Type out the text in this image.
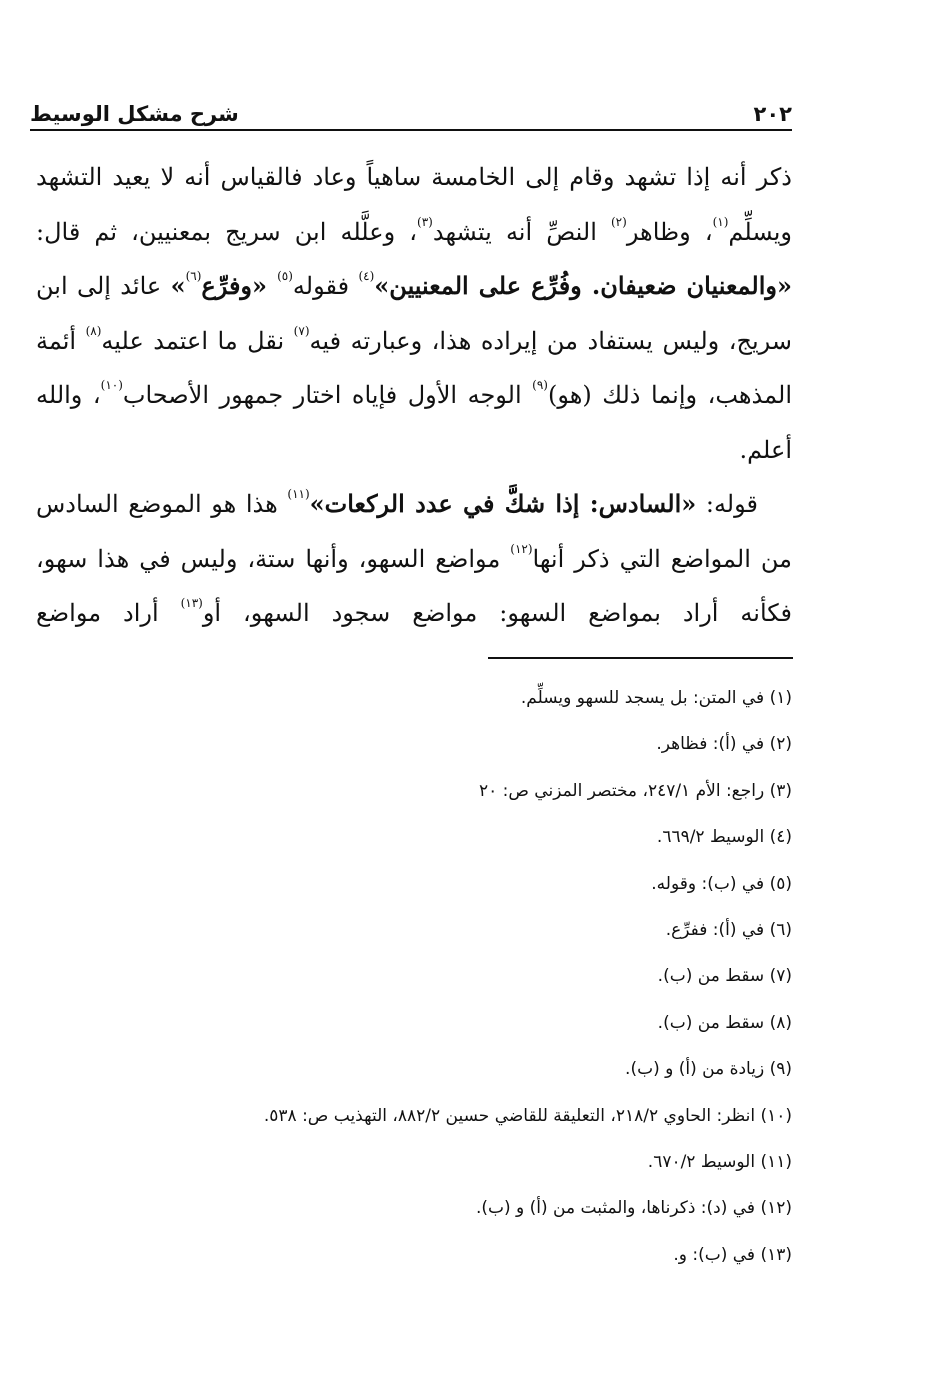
٢٠٢
شرح مشكل الوسيط

ذكر أنه إذا تشهد وقام إلى الخامسة ساهياً وعاد فالقياس أنه لا يعيد التشهد ويسلِّم$^{(١)}$، وظاهر$^{(٢)}$ النصِّ أنه يتشهد$^{(٣)}$، وعلَّله ابن سريج بمعنيين، ثم قال: «والمعنيان ضعيفان. وفُرِّع على المعنيين»$^{(٤)}$ فقوله$^{(٥)}$ «وفرِّع$^{(٦)}$» عائد إلى ابن سريج، وليس يستفاد من إيراده هذا، وعبارته فيه$^{(٧)}$ نقل ما اعتمد عليه$^{(٨)}$ أئمة المذهب، وإنما ذلك (هو)$^{(٩)}$ الوجه الأول فإياه اختار جمهور الأصحاب$^{(١٠)}$، والله أعلم.

قوله: «السادس: إذا شكَّ في عدد الركعات»$^{(١١)}$ هذا هو الموضع السادس من المواضع التي ذكر أنها$^{(١٢)}$ مواضع السهو، وأنها ستة، وليس في هذا سهو، فكأنه أراد بمواضع السهو: مواضع سجود السهو، أو$^{(١٣)}$ أراد مواضع

(١) في المتن: بل يسجد للسهو ويسلِّم.
(٢) في (أ): فظاهر.
(٣) راجع: الأم ٢٤٧/١، مختصر المزني ص: ٢٠
(٤) الوسيط ٦٦٩/٢.
(٥) في (ب): وقوله.
(٦) في (أ): ففرِّع.
(٧) سقط من (ب).
(٨) سقط من (ب).
(٩) زيادة من (أ) و (ب).
(١٠) انظر: الحاوي ٢١٨/٢، التعليقة للقاضي حسين ٨٨٢/٢، التهذيب ص: ٥٣٨.
(١١) الوسيط ٦٧٠/٢.
(١٢) في (د): ذكرناها، والمثبت من (أ) و (ب).
(١٣) في (ب): و.
